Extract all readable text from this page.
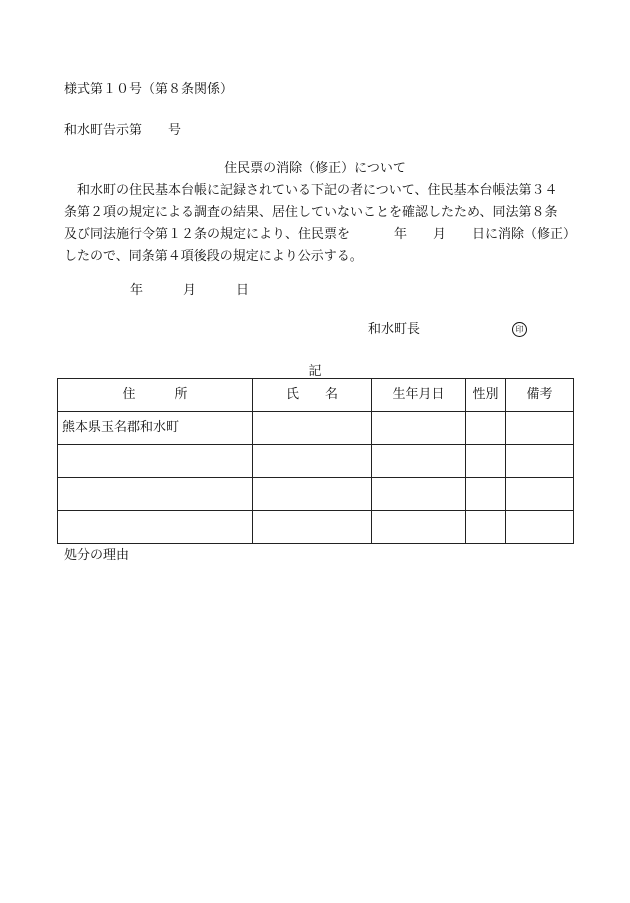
様式第１０号（第８条関係）
和水町告示第 号
住民票の消除（修正）について
　和水町の住民基本台帳に記録されている下記の者について、住民基本台帳法第３４
条第２項の規定による調査の結果、居住していないことを確認したため、同法第８条
及び同法施行令第１２条の規定により、住民票を	年 月 日に消除（修正）
したので、同条第４項後段の規定により公示する。
年	月	日
和水町長	印
記
住　　　所	氏　　名	生年月日	性別	備考
熊本県玉名郡和水町				

処分の理由
